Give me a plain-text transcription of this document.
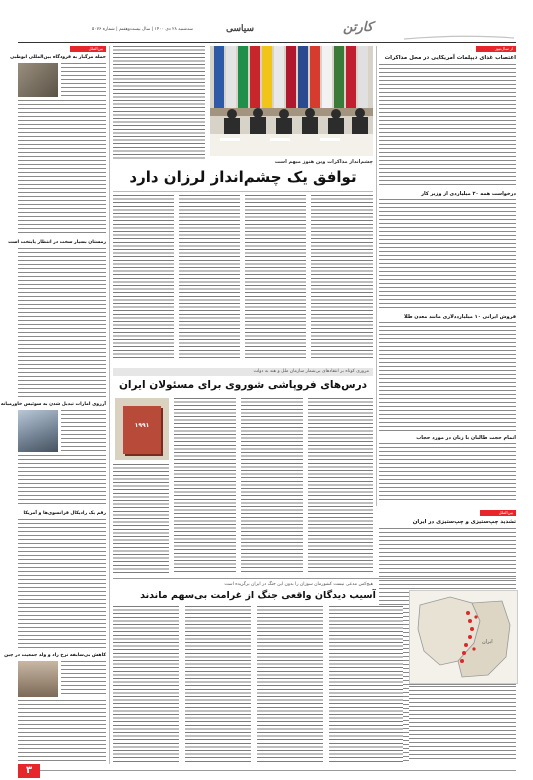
سه‌شنبه ۲۸ دی ۱۴۰۰ | سال بیست‌وهفتم | شماره ۵۰۷۶	سیاسی	کارتن
از سال‌نیوز
اعتصاب غذای دیپلمات آمریکایی در محل مذاکرات
درخواست همه ۲۰ میلیاردی از وزیر کار
فروش ایرانی ۱۰ میلیارددلاری مانند معدن طلا
اتمام حجت طالبان با زنان در مورد حجاب
بین‌الملل
حمله مرگبار به فرودگاه بین‌المللی ابوظبی
زمستان بسیار سخت در انتظار پایتخت است
آرزوی امارات تبدیل شدن به سوئیس خاورمیانه
رقم یک رادیکال فرانسوی‌ها و آمریکا
کاهش بی‌سابقه نرخ زاد و ولد جمعیت در چین
چشم‌انداز مذاکرات وین هنوز مبهم است
توافق یک چشم‌انداز لرزان دارد
مروری کوتاه بر انتقادهای بی‌شمار سازمان ملل و هند به دولت
درس‌های فروپاشی شوروی برای مسئولان ایران
۱۹۹۱
بین‌الملل
تشدید چپ‌ستیزی و چپ‌ستیزی در ایران
هیچ‌کس مدعی نیست کشورمان سوزان را بدون این جنگ در ایران برگزیده است
آسیب دیدگان واقعی جنگ از غرامت بی‌سهم ماندند
ایران
۳
